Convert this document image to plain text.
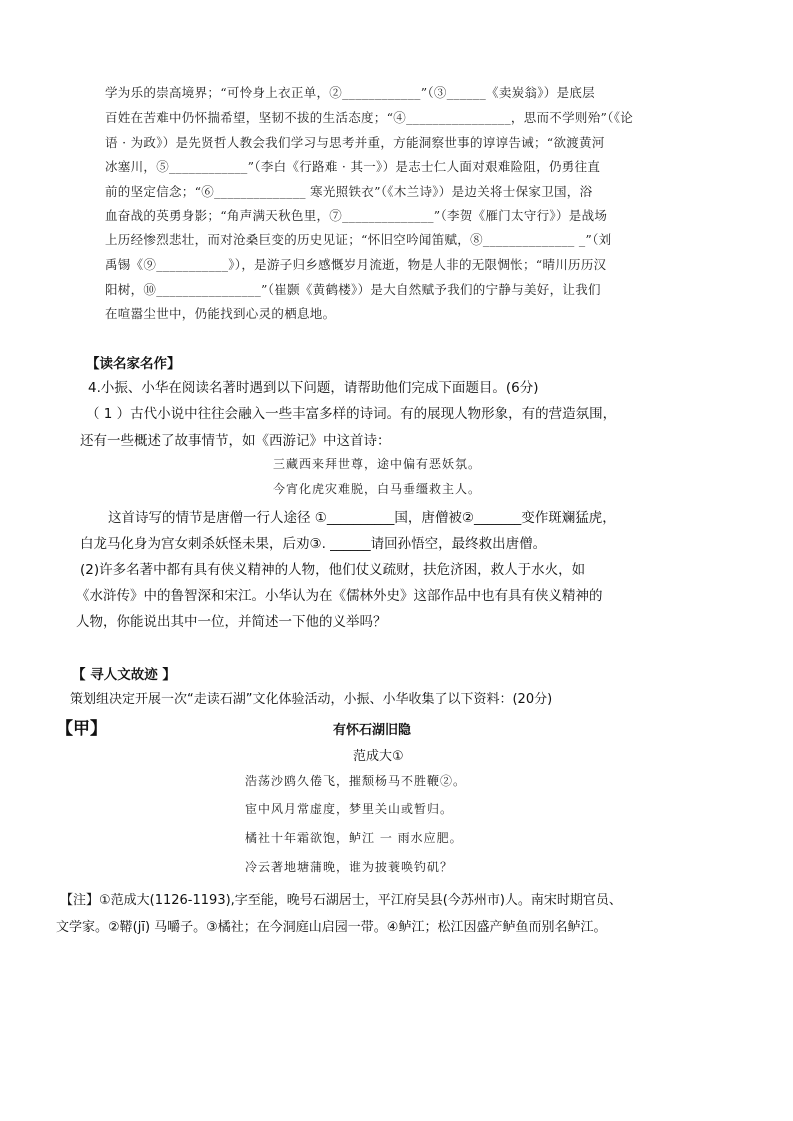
学为乐的崇高境界；“可怜身上衣正单，②____________”（③______《卖炭翁》）是底层
百姓在苦难中仍怀揣希望，坚韧不拔的生活态度；“④________________，思而不学则殆”（《论
语 · 为政》）是先贤哲人教会我们学习与思考并重，方能洞察世事的谆谆告诫；“欲渡黄河
冰塞川，⑤____________”（李白《行路难 · 其一》）是志士仁人面对艰难险阻，仍勇往直
前的坚定信念；“⑥______________ 寒光照铁衣”（《木兰诗》）是边关将士保家卫国，浴
血奋战的英勇身影；“角声满天秋色里，⑦______________”（李贺《雁门太守行》）是战场
上历经惨烈悲壮，而对沧桑巨变的历史见证；“怀旧空吟闻笛赋，⑧______________ _”（刘
禹锡《⑨___________》），是游子归乡感慨岁月流逝，物是人非的无限惆怅；“晴川历历汉
阳树，⑩________________”（崔颢《黄鹤楼》）是大自然赋予我们的宁静与美好，让我们
在喧嚣尘世中，仍能找到心灵的栖息地。
【读名家名作】
4.小振、小华在阅读名著时遇到以下问题，请帮助他们完成下面题目。(6分)
（ 1 ）古代小说中往往会融入一些丰富多样的诗词。有的展现人物形象，有的营造氛围，
还有一些概述了故事情节，如《西游记》中这首诗：
三藏西来拜世尊，途中偏有恶妖氛。
今宵化虎灾难脱，白马垂缰救主人。
这首诗写的情节是唐僧一行人途径 ①__________国，唐僧被②_______变作斑斓猛虎，
白龙马化身为宫女刺杀妖怪未果，后劝③. ______请回孙悟空，最终救出唐僧。
(2)许多名著中都有具有侠义精神的人物，他们仗义疏财，扶危济困，救人于水火，如
《水浒传》中的鲁智深和宋江。小华认为在《儒林外史》这部作品中也有具有侠义精神的
人物，你能说出其中一位，并简述一下他的义举吗？
【 寻人文故迹 】
策划组决定开展一次“走读石湖”文化体验活动，小振、小华收集了以下资料：(20分)
【甲】	有怀石湖旧隐
范成大①
浩荡沙鸥久倦飞，摧颓杨马不胜鞭②。
宦中风月常虚度，梦里关山或暂归。
橘社十年霜欲饱，鲈江 一 雨水应肥。
冷云著地塘蒲晚，谁为披蓑唤钓矶？
【注】①范成大(1126-1193),字至能，晚号石湖居士，平江府吴县(今苏州市)人。南宋时期官员、
文学家。②鞯(jī) 马嚼子。③橘社；在今洞庭山启园一带。④鲈江；松江因盛产鲈鱼而别名鲈江。
